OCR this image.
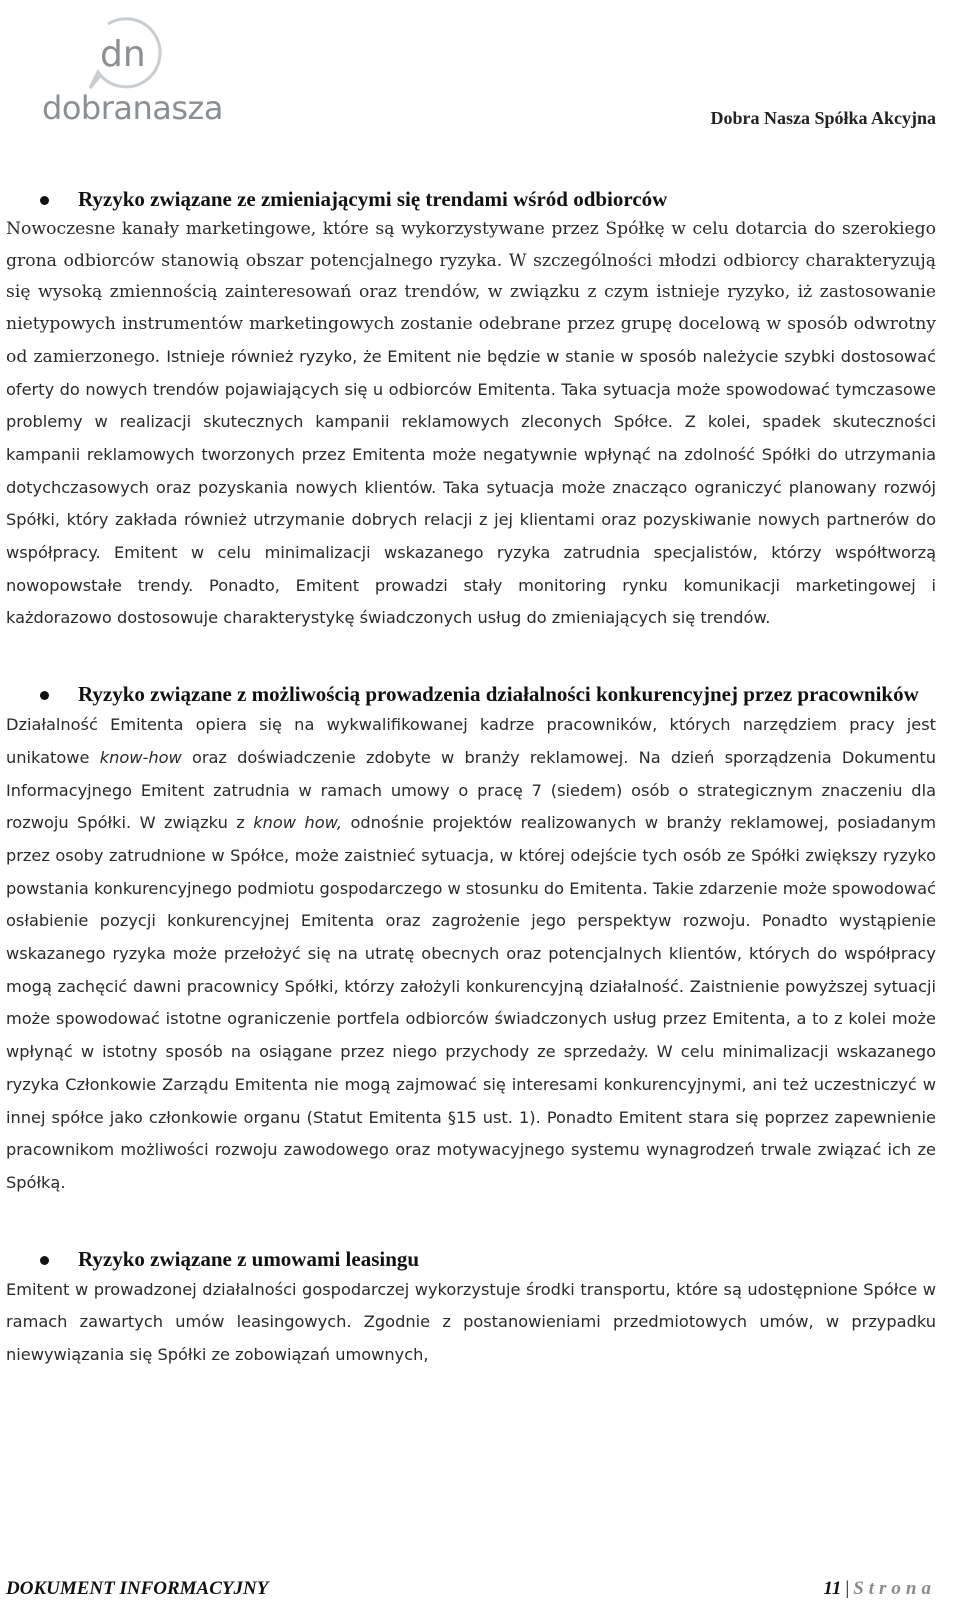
dn
dobranasza	Dobra Nasza Spółka Akcyjna
Ryzyko związane ze zmieniającymi się trendami wśród odbiorców

Nowoczesne kanały marketingowe, które są wykorzystywane przez Spółkę w celu dotarcia do szerokiego grona odbiorców stanowią obszar potencjalnego ryzyka. W szczególności młodzi odbiorcy charakteryzują się wysoką zmiennością zainteresowań oraz trendów, w związku z czym istnieje ryzyko, iż zastosowanie nietypowych instrumentów marketingowych zostanie odebrane przez grupę docelową w sposób odwrotny od zamierzonego. Istnieje również ryzyko, że Emitent nie będzie w stanie w sposób należycie szybki dostosować oferty do nowych trendów pojawiających się u odbiorców Emitenta. Taka sytuacja może spowodować tymczasowe problemy w realizacji skutecznych kampanii reklamowych zleconych Spółce. Z kolei, spadek skuteczności kampanii reklamowych tworzonych przez Emitenta może negatywnie wpłynąć na zdolność Spółki do utrzymania dotychczasowych oraz pozyskania nowych klientów. Taka sytuacja może znacząco ograniczyć planowany rozwój Spółki, który zakłada również utrzymanie dobrych relacji z jej klientami oraz pozyskiwanie nowych partnerów do współpracy. Emitent w celu minimalizacji wskazanego ryzyka zatrudnia specjalistów, którzy współtworzą nowopowstałe trendy. Ponadto, Emitent prowadzi stały monitoring rynku komunikacji marketingowej i każdorazowo dostosowuje charakterystykę świadczonych usług do zmieniających się trendów.

Ryzyko związane z możliwością prowadzenia działalności konkurencyjnej przez pracowników

Działalność Emitenta opiera się na wykwalifikowanej kadrze pracowników, których narzędziem pracy jest unikatowe know-how oraz doświadczenie zdobyte w branży reklamowej. Na dzień sporządzenia Dokumentu Informacyjnego Emitent zatrudnia w ramach umowy o pracę 7 (siedem) osób o strategicznym znaczeniu dla rozwoju Spółki. W związku z know how, odnośnie projektów realizowanych w branży reklamowej, posiadanym przez osoby zatrudnione w Spółce, może zaistnieć sytuacja, w której odejście tych osób ze Spółki zwiększy ryzyko powstania konkurencyjnego podmiotu gospodarczego w stosunku do Emitenta. Takie zdarzenie może spowodować osłabienie pozycji konkurencyjnej Emitenta oraz zagrożenie jego perspektyw rozwoju. Ponadto wystąpienie wskazanego ryzyka może przełożyć się na utratę obecnych oraz potencjalnych klientów, których do współpracy mogą zachęcić dawni pracownicy Spółki, którzy założyli konkurencyjną działalność. Zaistnienie powyższej sytuacji może spowodować istotne ograniczenie portfela odbiorców świadczonych usług przez Emitenta, a to z kolei może wpłynąć w istotny sposób na osiągane przez niego przychody ze sprzedaży. W celu minimalizacji wskazanego ryzyka Członkowie Zarządu Emitenta nie mogą zajmować się interesami konkurencyjnymi, ani też uczestniczyć w innej spółce jako członkowie organu (Statut Emitenta §15 ust. 1). Ponadto Emitent stara się poprzez zapewnienie pracownikom możliwości rozwoju zawodowego oraz motywacyjnego systemu wynagrodzeń trwale związać ich ze Spółką.

Ryzyko związane z umowami leasingu

Emitent w prowadzonej działalności gospodarczej wykorzystuje środki transportu, które są udostępnione Spółce w ramach zawartych umów leasingowych. Zgodnie z postanowieniami przedmiotowych umów, w przypadku niewywiązania się Spółki ze zobowiązań umownych,

DOKUMENT INFORMACYJNY	11 | Strona
